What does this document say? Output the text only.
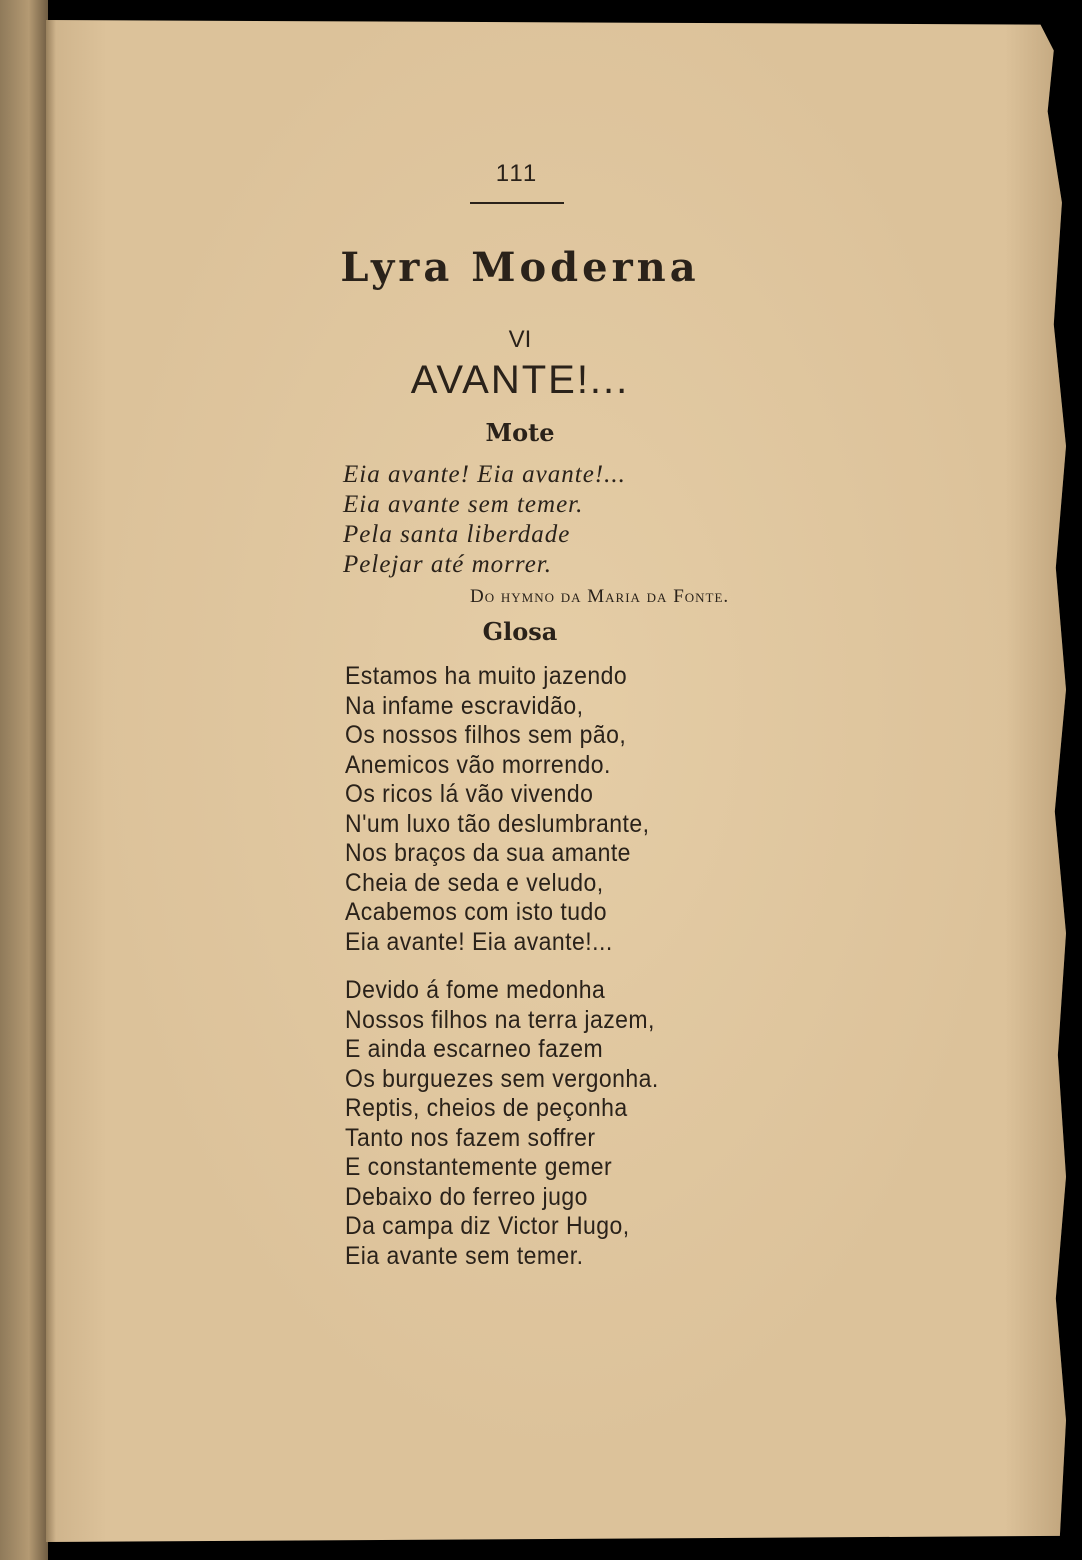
111
Lyra Moderna
VI
AVANTE!...
Mote
Eia avante! Eia avante!...
Eia avante sem temer.
Pela santa liberdade
Pelejar até morrer.
Do hymno da Maria da Fonte.
Glosa
Estamos ha muito jazendo
Na infame escravidão,
Os nossos filhos sem pão,
Anemicos vão morrendo.
Os ricos lá vão vivendo
N'um luxo tão deslumbrante,
Nos braços da sua amante
Cheia de seda e veludo,
Acabemos com isto tudo
Eia avante! Eia avante!...
Devido á fome medonha
Nossos filhos na terra jazem,
E ainda escarneo fazem
Os burguezes sem vergonha.
Reptis, cheios de peçonha
Tanto nos fazem soffrer
E constantemente gemer
Debaixo do ferreo jugo
Da campa diz Victor Hugo,
Eia avante sem temer.
